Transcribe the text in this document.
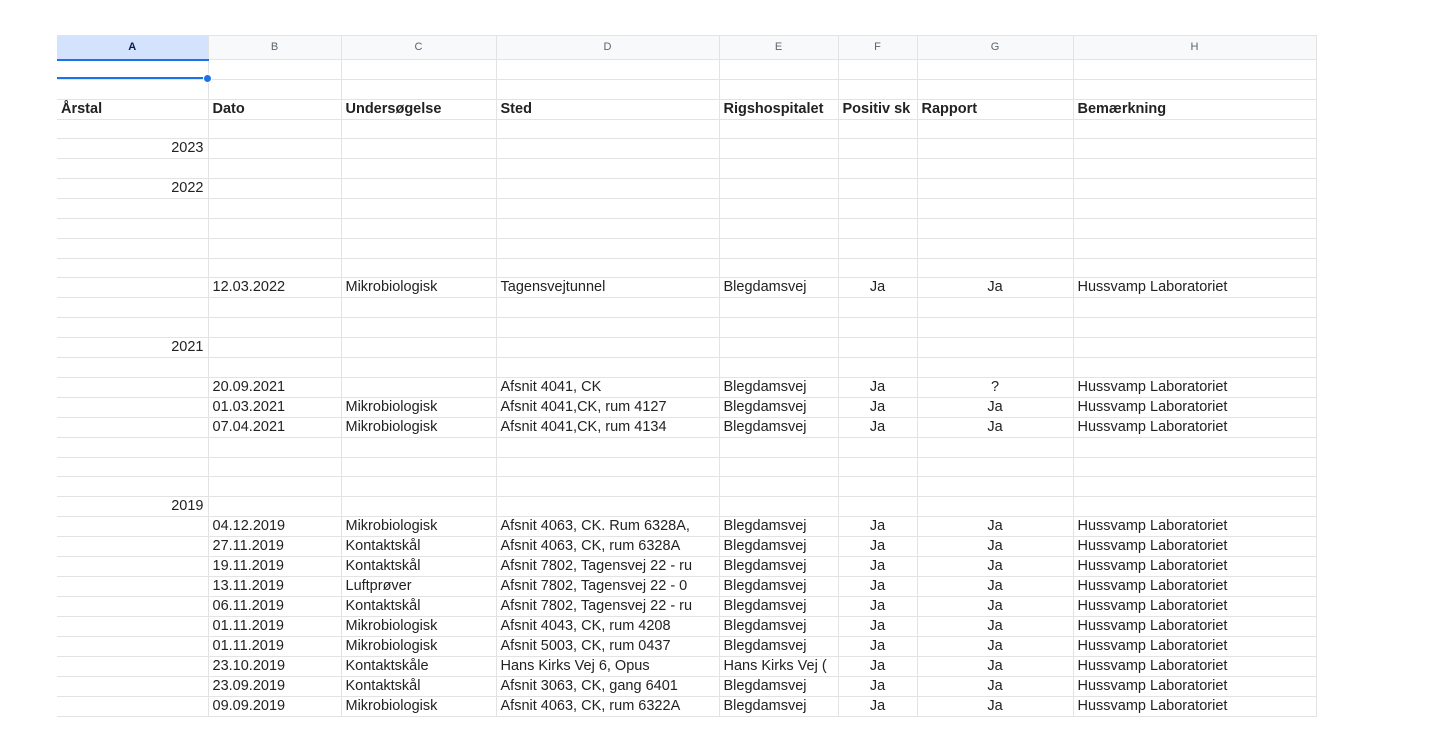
A	B	C	D	E	F	G	H

Årstal	Dato	Undersøgelse	Sted	Rigshospitalet	Positiv sk	Rapport	Bemærkning

2023							

2022							

	12.03.2022	Mikrobiologisk	Tagensvejtunnel	Blegdamsvej	Ja	Ja	Hussvamp Laboratoriet

2021							

	20.09.2021		Afsnit 4041, CK	Blegdamsvej	Ja	?	Hussvamp Laboratoriet
	01.03.2021	Mikrobiologisk	Afsnit 4041,CK, rum 4127	Blegdamsvej	Ja	Ja	Hussvamp Laboratoriet
	07.04.2021	Mikrobiologisk	Afsnit 4041,CK, rum 4134	Blegdamsvej	Ja	Ja	Hussvamp Laboratoriet

2019							
	04.12.2019	Mikrobiologisk	Afsnit 4063, CK. Rum 6328A,	Blegdamsvej	Ja	Ja	Hussvamp Laboratoriet
	27.11.2019	Kontaktskål	Afsnit 4063, CK, rum 6328A	Blegdamsvej	Ja	Ja	Hussvamp Laboratoriet
	19.11.2019	Kontaktskål	Afsnit 7802, Tagensvej 22 - ru	Blegdamsvej	Ja	Ja	Hussvamp Laboratoriet
	13.11.2019	Luftprøver	Afsnit 7802, Tagensvej 22 - 0	Blegdamsvej	Ja	Ja	Hussvamp Laboratoriet
	06.11.2019	Kontaktskål	Afsnit 7802, Tagensvej 22 - ru	Blegdamsvej	Ja	Ja	Hussvamp Laboratoriet
	01.11.2019	Mikrobiologisk	Afsnit 4043, CK, rum 4208	Blegdamsvej	Ja	Ja	Hussvamp Laboratoriet
	01.11.2019	Mikrobiologisk	Afsnit 5003, CK, rum 0437	Blegdamsvej	Ja	Ja	Hussvamp Laboratoriet
	23.10.2019	Kontaktskåle	Hans Kirks Vej 6, Opus	Hans Kirks Vej (	Ja	Ja	Hussvamp Laboratoriet
	23.09.2019	Kontaktskål	Afsnit 3063, CK, gang 6401	Blegdamsvej	Ja	Ja	Hussvamp Laboratoriet
	09.09.2019	Mikrobiologisk	Afsnit 4063, CK, rum 6322A	Blegdamsvej	Ja	Ja	Hussvamp Laboratoriet
